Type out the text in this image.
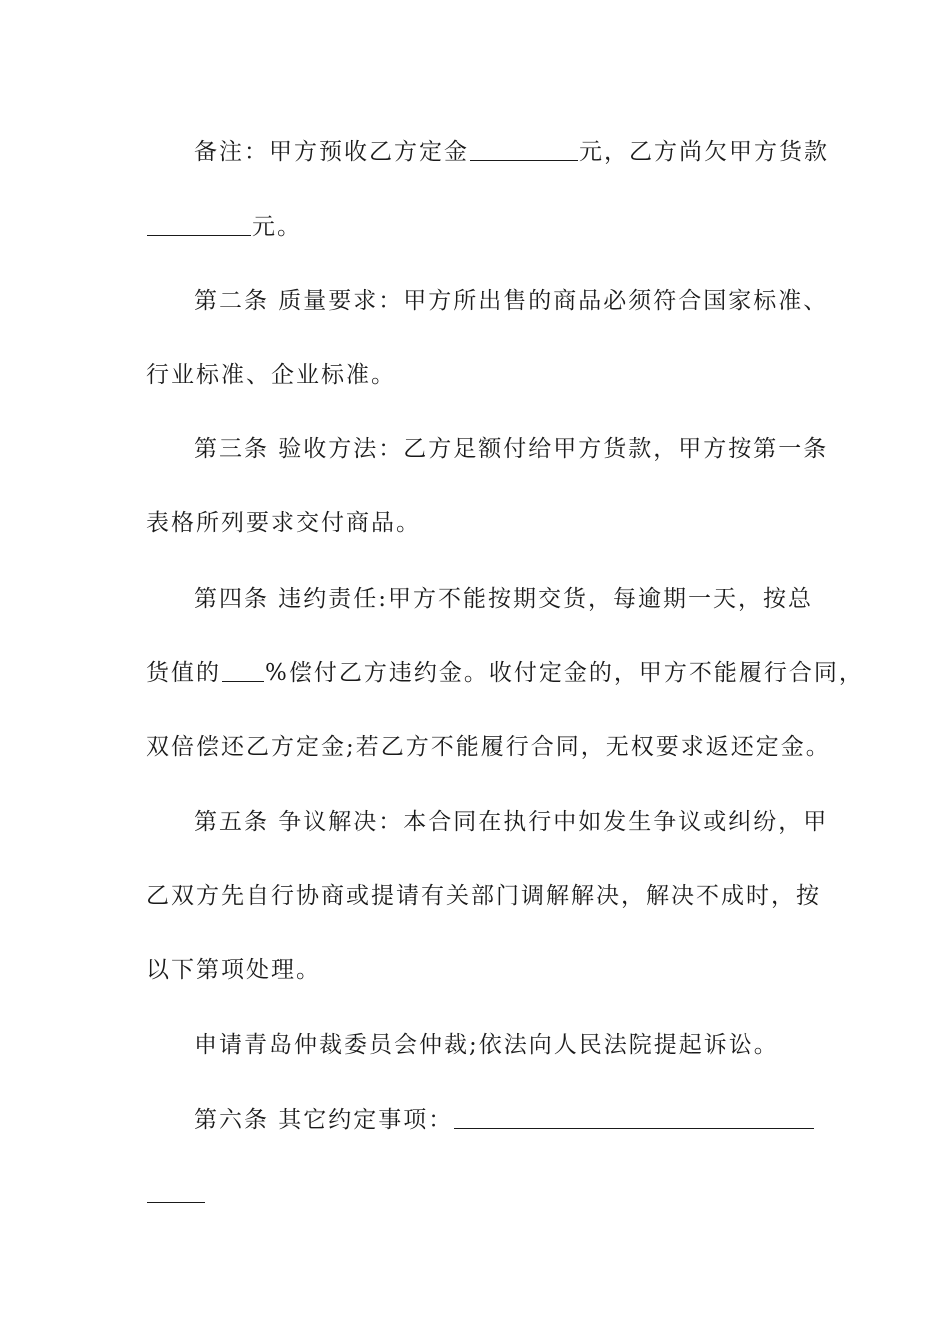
备注：甲方预收乙方定金	元，乙方尚欠甲方货款
元。
第二条 质量要求：甲方所出售的商品必须符合国家标准、
行业标准、企业标准。
第三条 验收方法：乙方足额付给甲方货款，甲方按第一条
表格所列要求交付商品。
第四条 违约责任:甲方不能按期交货，每逾期一天，按总
货值的 %偿付乙方违约金。收付定金的，甲方不能履行合同，
双倍偿还乙方定金;若乙方不能履行合同，无权要求返还定金。
第五条 争议解决：本合同在执行中如发生争议或纠纷，甲
乙双方先自行协商或提请有关部门调解解决，解决不成时，按
以下第项处理。
申请青岛仲裁委员会仲裁;依法向人民法院提起诉讼。
第六条 其它约定事项：
